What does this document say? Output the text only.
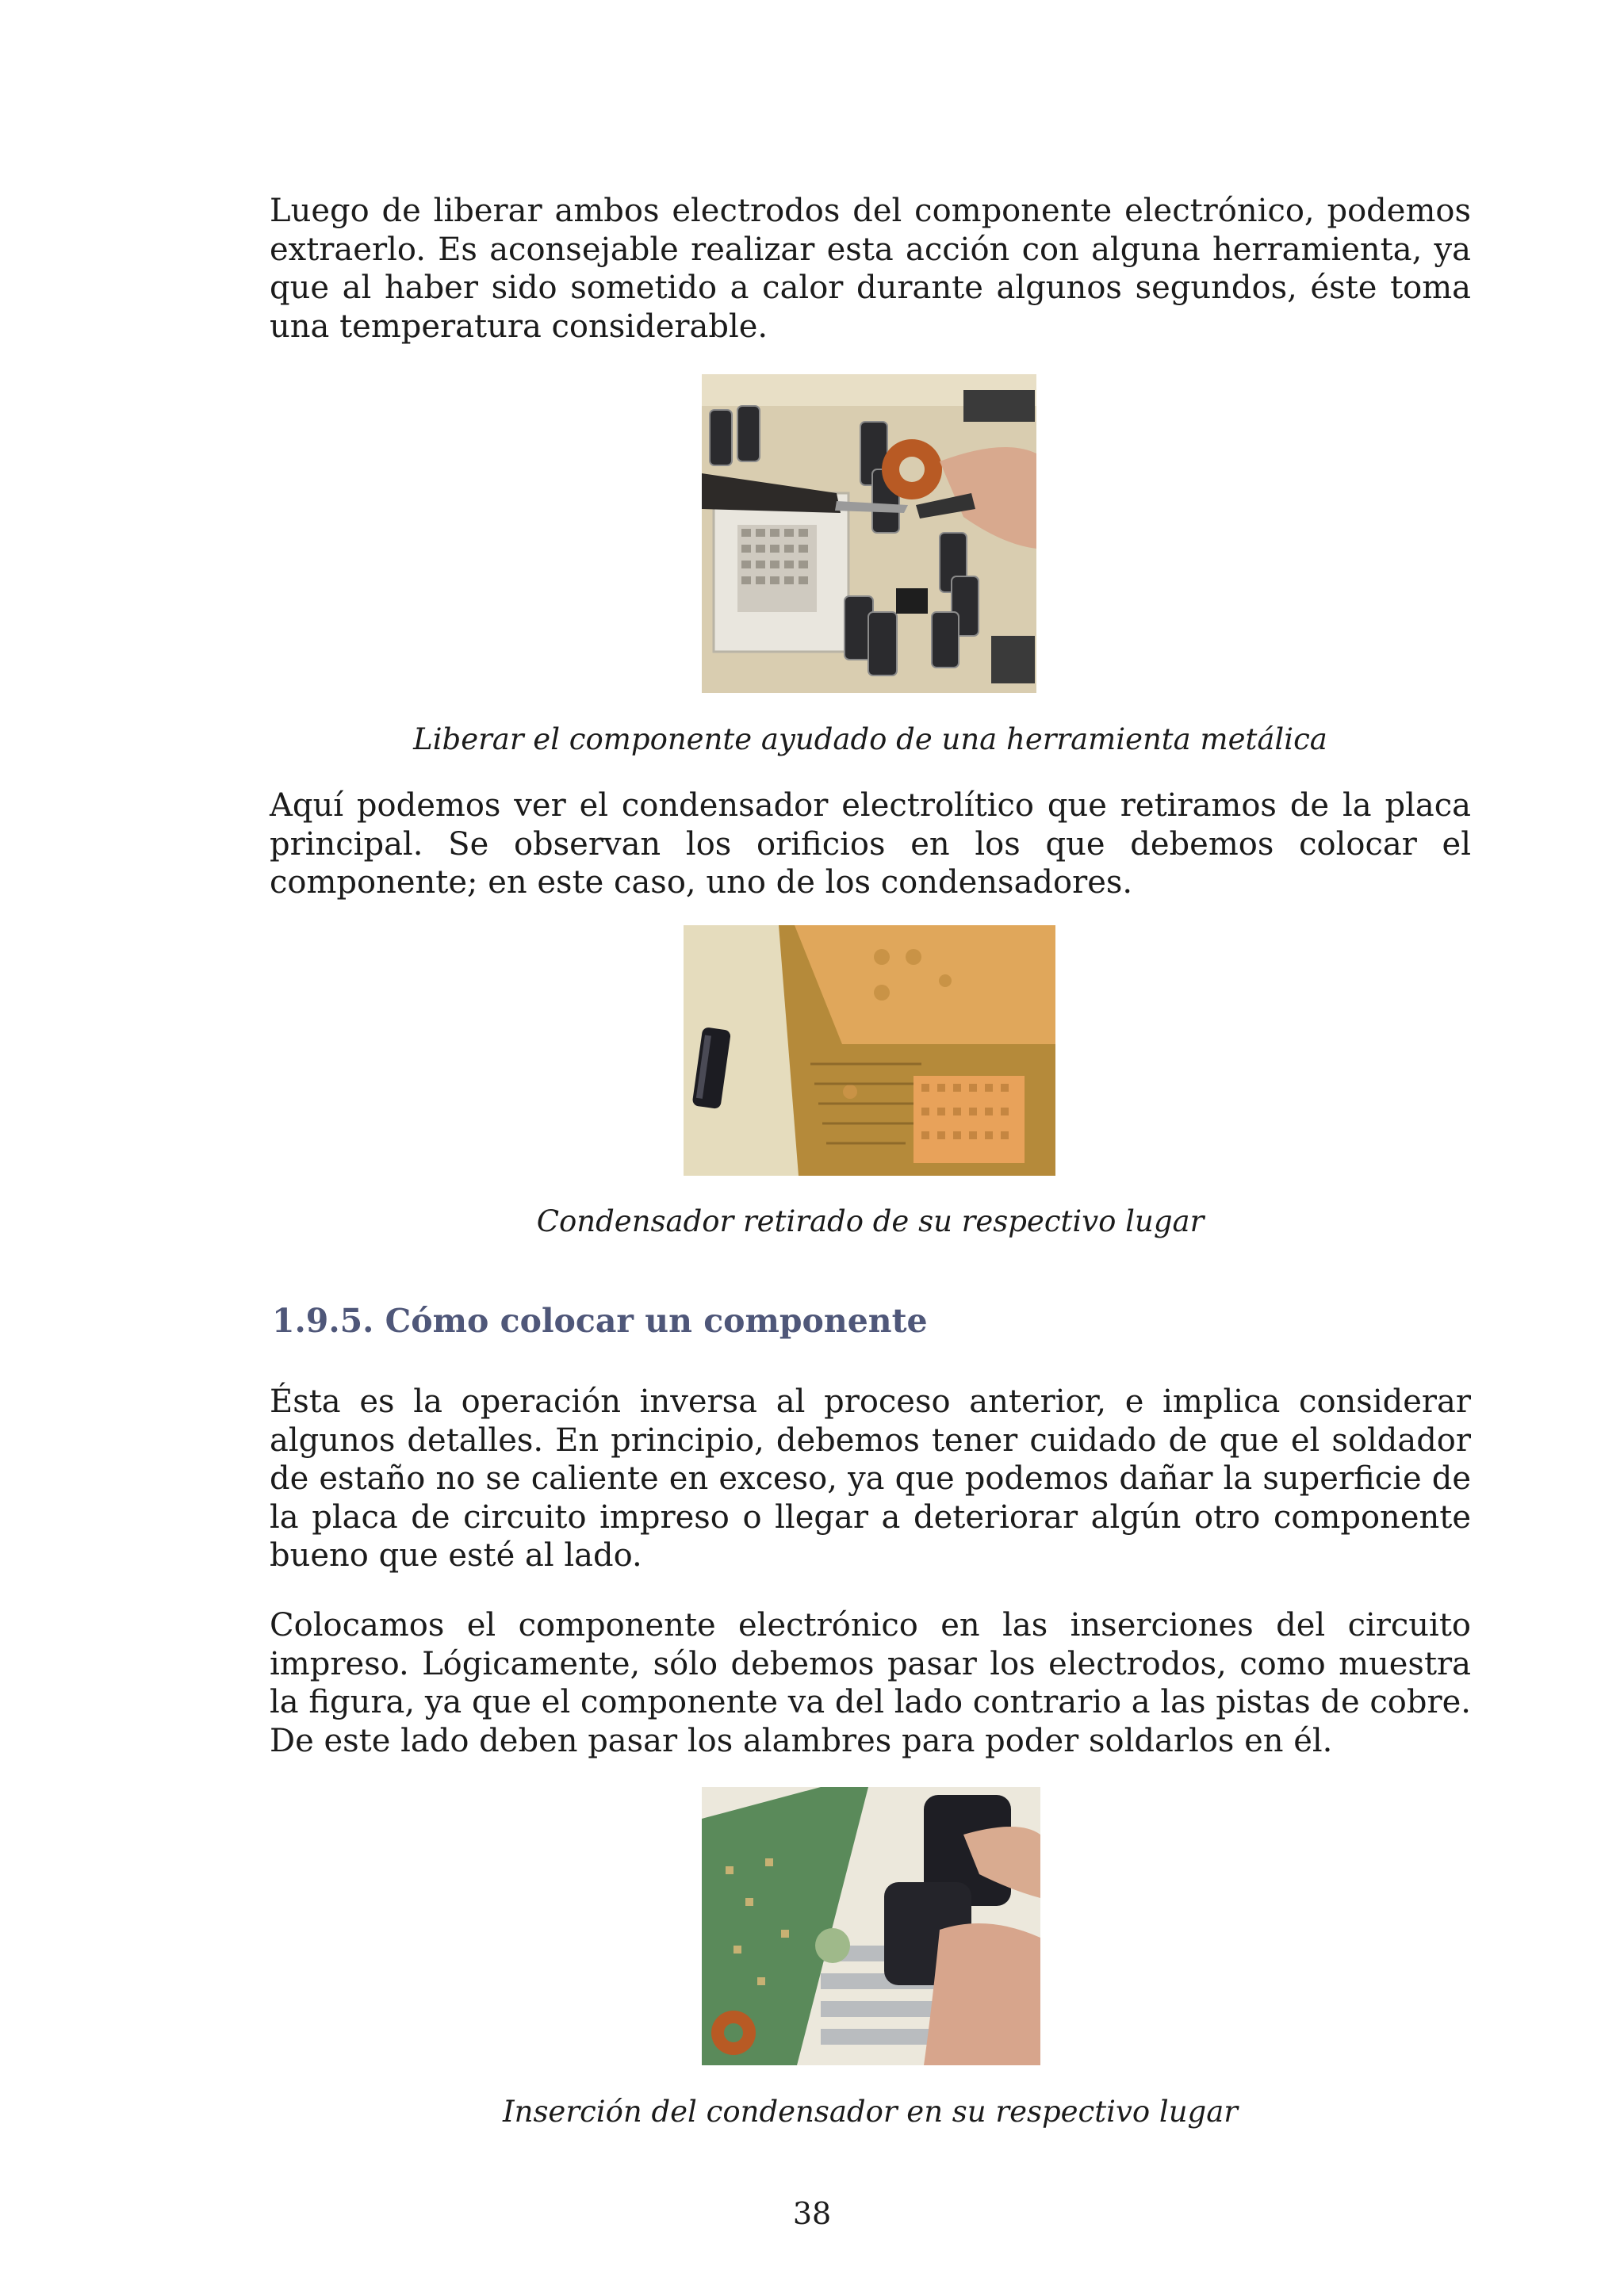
Luego de liberar ambos electrodos del componente electrónico, podemos extraerlo. Es aconsejable realizar esta acción con alguna herramienta, ya que al haber sido sometido a calor durante algunos segundos, éste toma una temperatura considerable.

Liberar el componente ayudado de una herramienta metálica

Aquí podemos ver el condensador electrolítico que retiramos de la placa principal. Se observan los orificios en los que debemos colocar el componente; en este caso, uno de los condensadores.

Condensador retirado de su respectivo lugar

1.9.5. Cómo colocar un componente

Ésta es la operación inversa al proceso anterior, e implica considerar algunos detalles. En principio, debemos tener cuidado de que el soldador de estaño no se caliente en exceso, ya que podemos dañar la superficie de la placa de circuito impreso o llegar a deteriorar algún otro componente bueno que esté al lado.

Colocamos el componente electrónico en las inserciones del circuito impreso. Lógicamente, sólo debemos pasar los electrodos, como muestra la figura, ya que el componente va del lado contrario a las pistas de cobre. De este lado deben pasar los alambres para poder soldarlos en él.

Inserción del condensador en su respectivo lugar

38
